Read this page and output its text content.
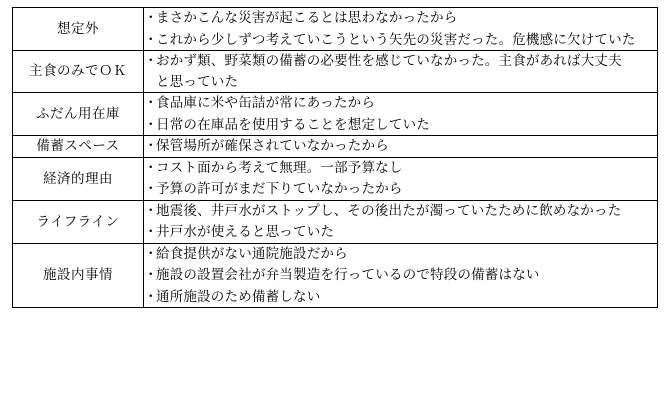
想定外	
・
まさかこんな災害が起こるとは思わなかったから
・
これから少しずつ考えていこうという矢先の災害だった。危機感に欠けていた

主食のみでＯＫ	
・
おかず類、野菜類の備蓄の必要性を感じていなかった。主食があれば大丈夫
と思っていた

ふだん用在庫	
・
食品庫に米や缶詰が常にあったから
・
日常の在庫品を使用することを想定していた

備蓄スペース	・
保管場所が確保されていなかったから

経済的理由	
・
コスト面から考えて無理。一部予算なし
・
予算の許可がまだ下りていなかったから

ライフライン	
・
地震後、井戸水がストップし、その後出たが濁っていたために飲めなかった
・
井戸水が使えると思っていた

施設内事情	
・
給食提供がない通院施設だから
・
施設の設置会社が弁当製造を行っているので特段の備蓄はない
・
通所施設のため備蓄しない
